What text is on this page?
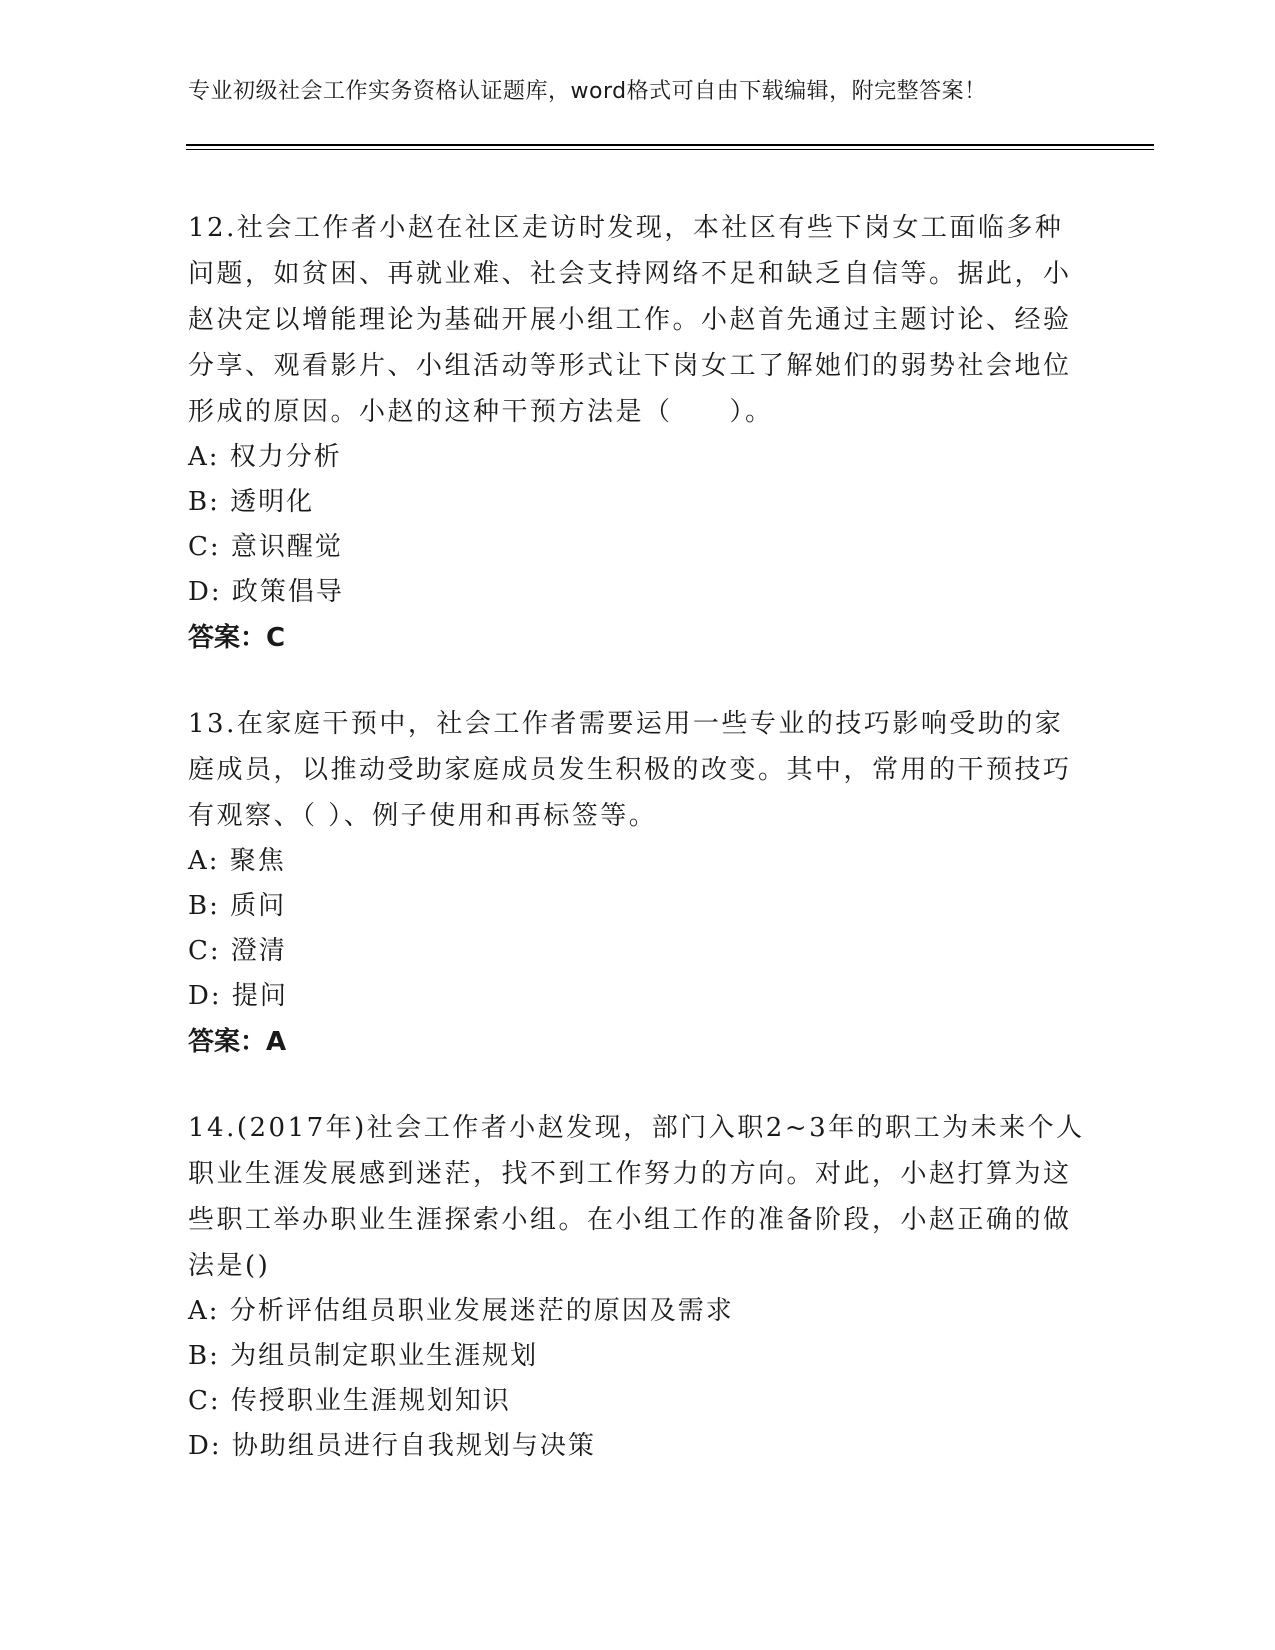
专业初级社会工作实务资格认证题库，word格式可自由下载编辑，附完整答案！

12.社会工作者小赵在社区走访时发现，本社区有些下岗女工面临多种问题，如贫困、再就业难、社会支持网络不足和缺乏自信等。据此，小赵决定以增能理论为基础开展小组工作。小赵首先通过主题讨论、经验分享、观看影片、小组活动等形式让下岗女工了解她们的弱势社会地位形成的原因。小赵的这种干预方法是（　　）。

A: 权力分析

B: 透明化

C: 意识醒觉

D: 政策倡导

答案：C

13.在家庭干预中，社会工作者需要运用一些专业的技巧影响受助的家庭成员，以推动受助家庭成员发生积极的改变。其中，常用的干预技巧有观察、（ ）、例子使用和再标签等。

A: 聚焦

B: 质问

C: 澄清

D: 提问

答案：A

14.(2017年)社会工作者小赵发现，部门入职2~3年的职工为未来个人职业生涯发展感到迷茫，找不到工作努力的方向。对此，小赵打算为这些职工举办职业生涯探索小组。在小组工作的准备阶段，小赵正确的做法是()

A: 分析评估组员职业发展迷茫的原因及需求

B: 为组员制定职业生涯规划

C: 传授职业生涯规划知识

D: 协助组员进行自我规划与决策
